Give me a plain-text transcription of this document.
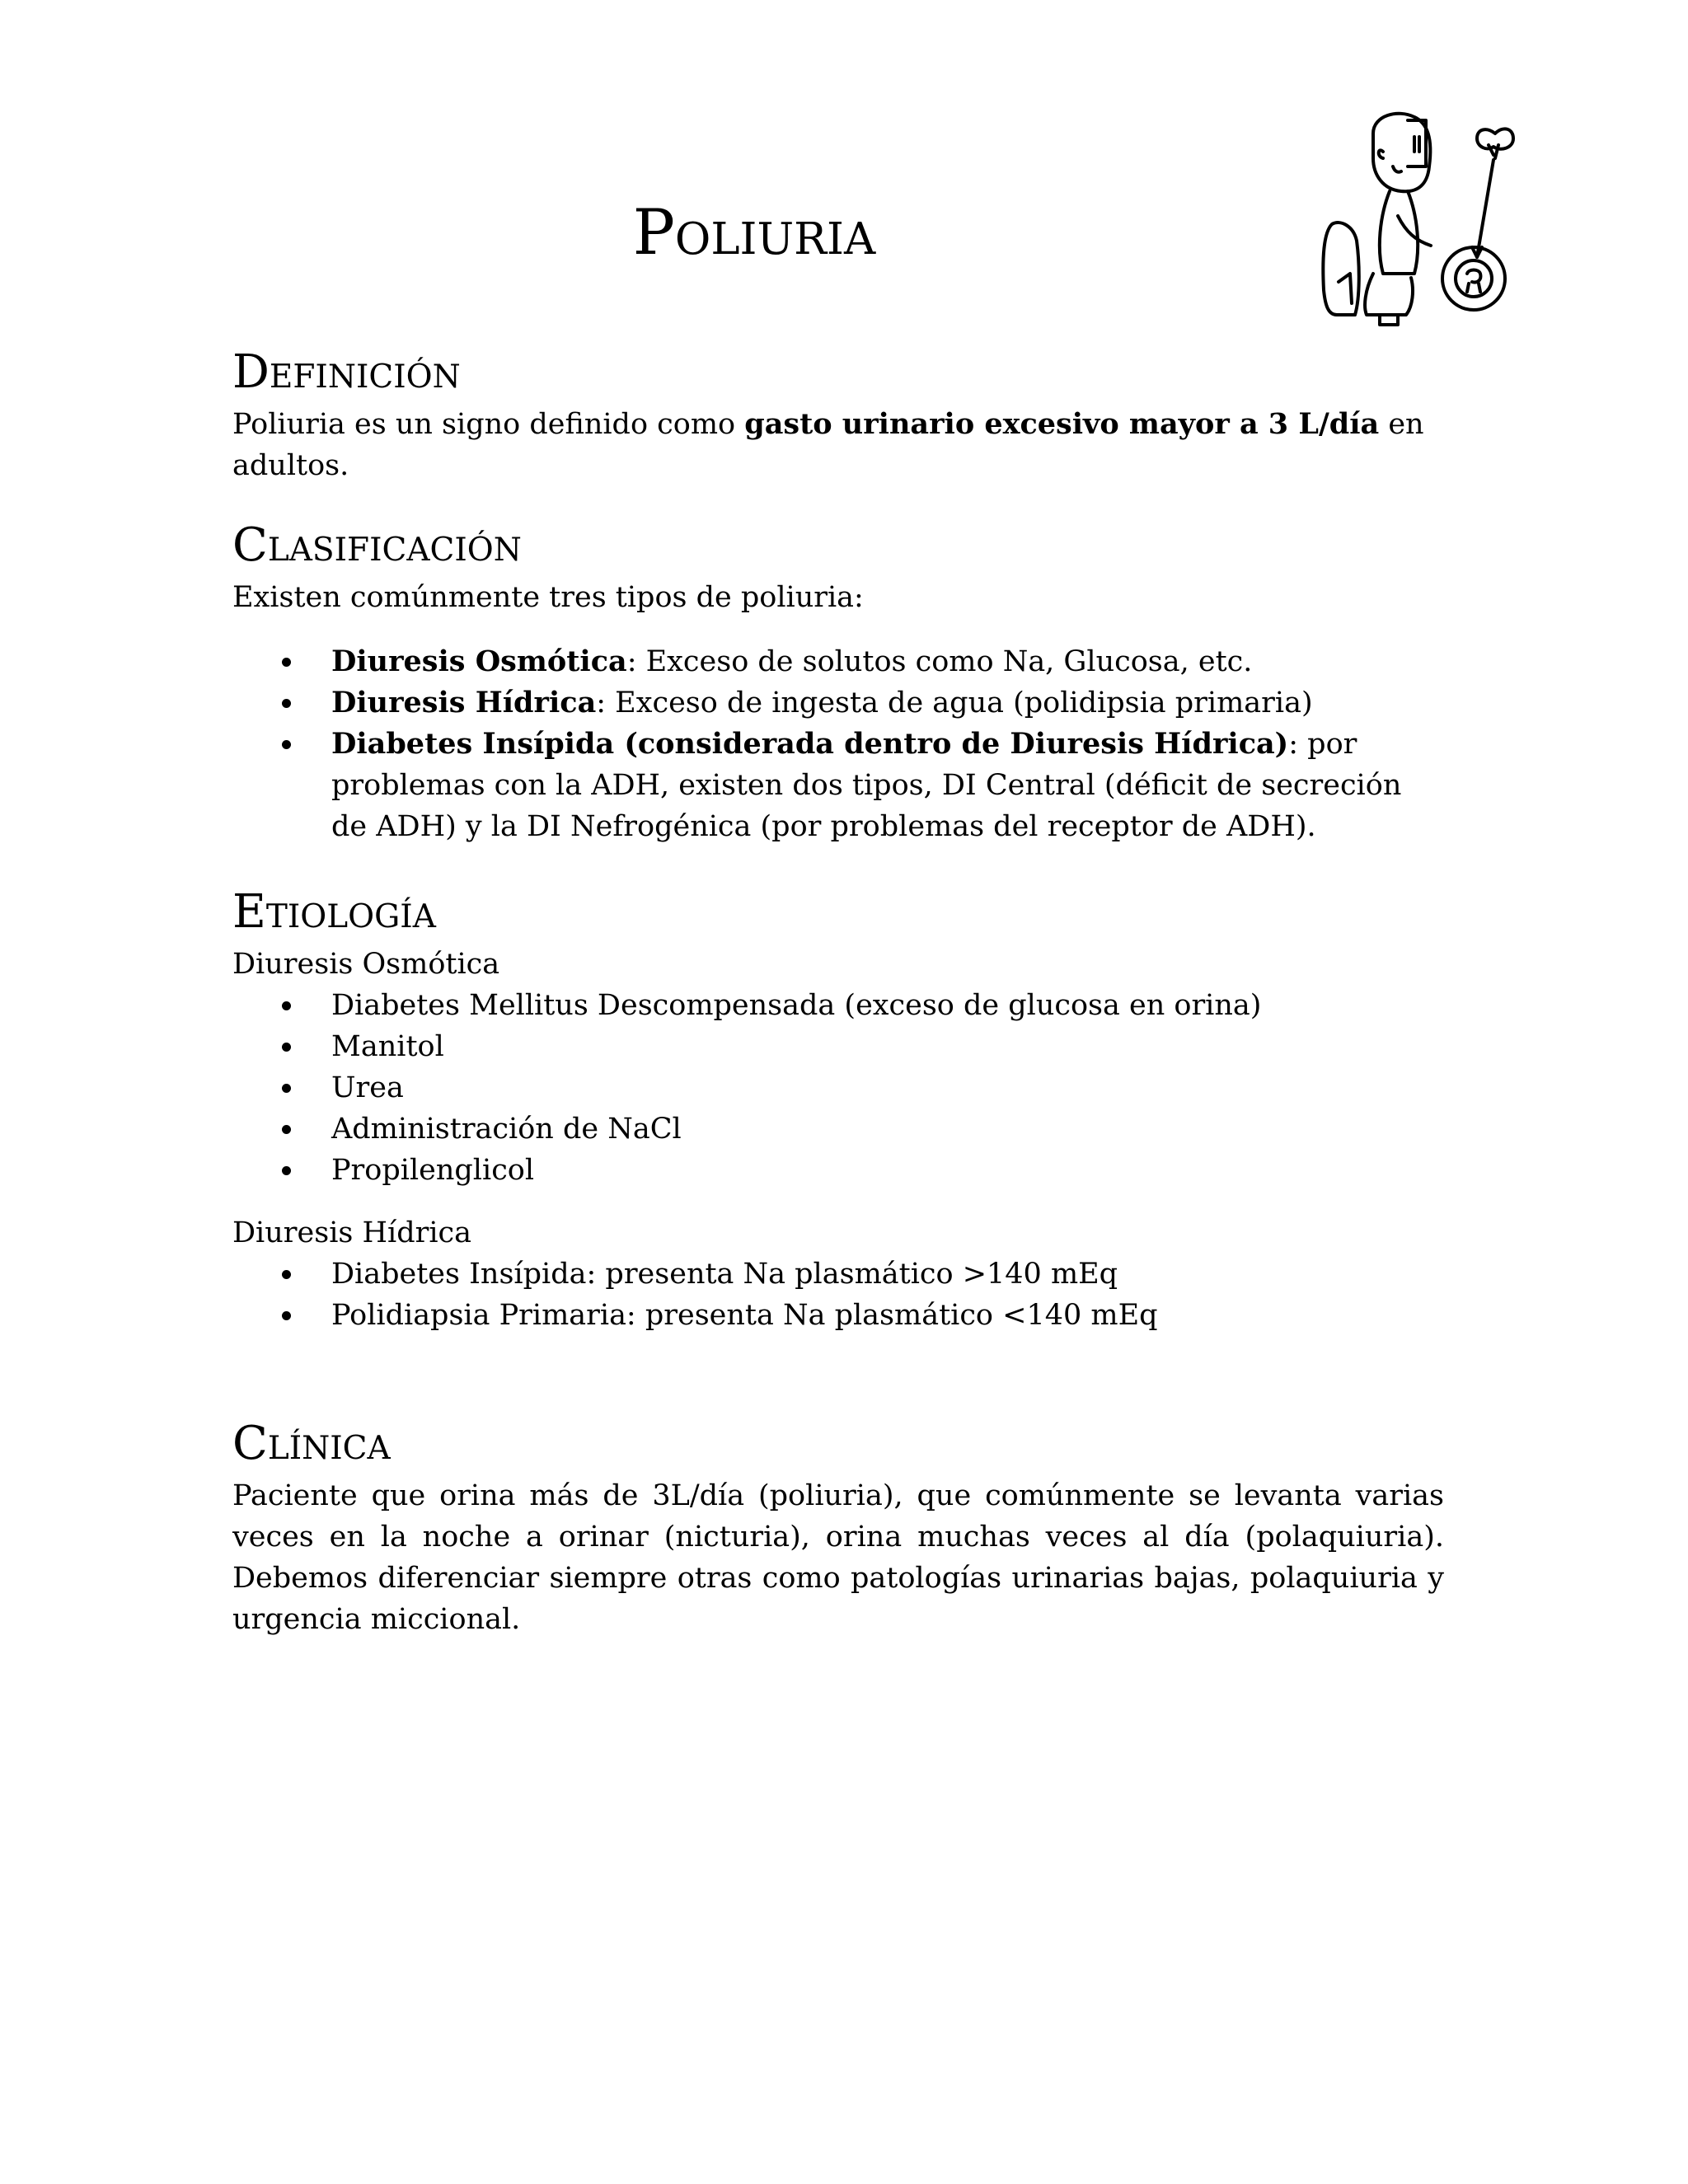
Poliuria
Definición

Poliuria es un signo definido como gasto urinario excesivo mayor a 3 L/día en adultos.

Clasificación

Existen comúnmente tres tipos de poliuria:

Diuresis Osmótica: Exceso de solutos como Na, Glucosa, etc.
Diuresis Hídrica: Exceso de ingesta de agua (polidipsia primaria)
Diabetes Insípida (considerada dentro de Diuresis Hídrica): por problemas con la ADH, existen dos tipos, DI Central (déficit de secreción de ADH) y la DI Nefrogénica (por problemas del receptor de ADH).
Etiología
Diuresis Osmótica
Diabetes Mellitus Descompensada (exceso de glucosa en orina)
Manitol
Urea
Administración de NaCl
Propilenglicol
Diuresis Hídrica
Diabetes Insípida: presenta Na plasmático >140 mEq
Polidiapsia Primaria: presenta Na plasmático <140 mEq
Clínica

Paciente que orina más de 3L/día (poliuria), que comúnmente se levanta varias veces en la noche a orinar (nicturia), orina muchas veces al día (polaquiuria). Debemos diferenciar siempre otras como patologías urinarias bajas, polaquiuria y urgencia miccional.
